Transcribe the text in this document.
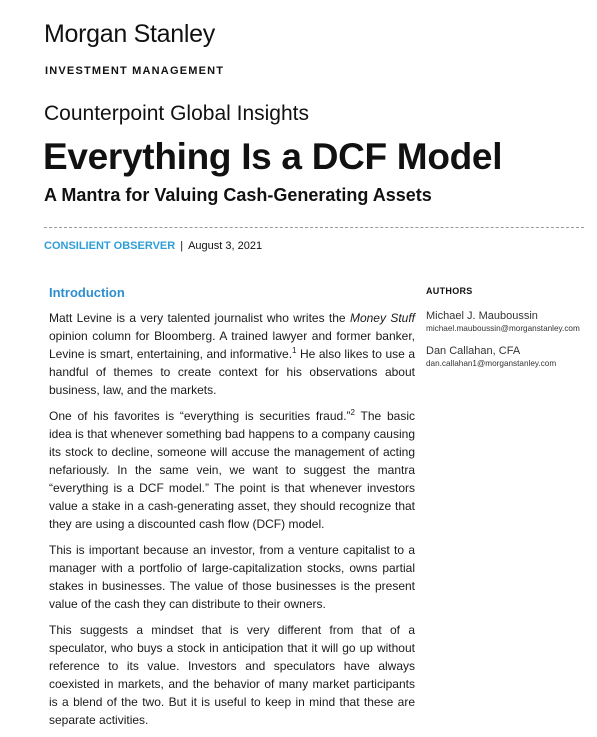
Morgan Stanley
INVESTMENT MANAGEMENT
Counterpoint Global Insights
Everything Is a DCF Model
A Mantra for Valuing Cash-Generating Assets
CONSILIENT OBSERVER | August 3, 2021
Introduction

Matt Levine is a very talented journalist who writes the Money Stuff opinion column for Bloomberg. A trained lawyer and former banker, Levine is smart, entertaining, and informative.$^1$ He also likes to use a handful of themes to create context for his observations about business, law, and the markets.

One of his favorites is “everything is securities fraud.”$^2$ The basic idea is that whenever something bad happens to a company causing its stock to decline, someone will accuse the management of acting nefariously. In the same vein, we want to suggest the mantra “everything is a DCF model.” The point is that whenever investors value a stake in a cash-generating asset, they should recognize that they are using a discounted cash flow (DCF) model.

This is important because an investor, from a venture capitalist to a manager with a portfolio of large-capitalization stocks, owns partial stakes in businesses. The value of those businesses is the present value of the cash they can distribute to their owners.

This suggests a mindset that is very different from that of a speculator, who buys a stock in anticipation that it will go up without reference to its value. Investors and speculators have always coexisted in markets, and the behavior of many market participants is a blend of the two. But it is useful to keep in mind that these are separate activities.

AUTHORS
Michael J. Mauboussin
michael.mauboussin@morganstanley.com
Dan Callahan, CFA
dan.callahan1@morganstanley.com
